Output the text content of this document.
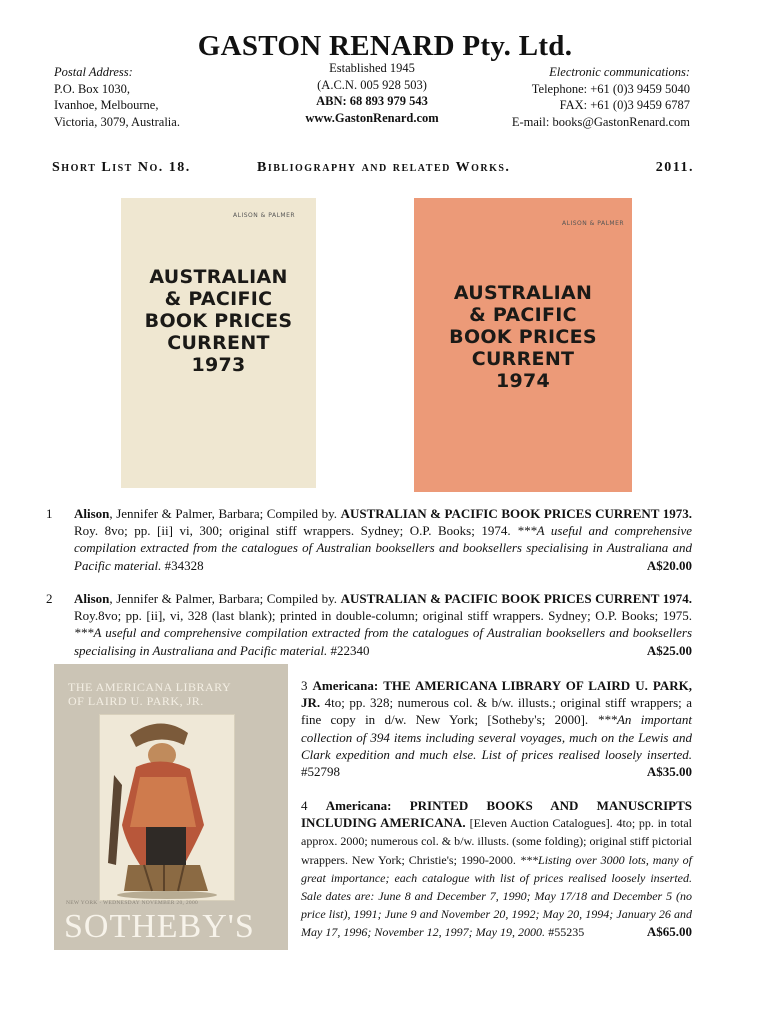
GASTON RENARD Pty. Ltd.
Postal Address:
P.O. Box 1030,
Ivanhoe, Melbourne,
Victoria, 3079, Australia.
Established 1945
(A.C.N. 005 928 503)
ABN: 68 893 979 543
www.GastonRenard.com
Electronic communications:
Telephone: +61 (0)3 9459 5040
FAX: +61 (0)3 9459 6787
E-mail: books@GastonRenard.com
Short List No. 18.	Bibliography and related Works.	2011.
ALISON & PALMER
AUSTRALIAN
& PACIFIC
BOOK PRICES
CURRENT
1973
ALISON & PALMER
AUSTRALIAN
& PACIFIC
BOOK PRICES
CURRENT
1974
1 Alison, Jennifer & Palmer, Barbara; Compiled by. AUSTRALIAN & PACIFIC BOOK PRICES CURRENT 1973. Roy. 8vo; pp. [ii] vi, 300; original stiff wrappers. Sydney; O.P. Books; 1974. ***A useful and comprehensive compilation extracted from the catalogues of Australian booksellers and booksellers specialising in Australiana and Pacific material. #34328	A$20.00
2 Alison, Jennifer & Palmer, Barbara; Compiled by. AUSTRALIAN & PACIFIC BOOK PRICES CURRENT 1974. Roy.8vo; pp. [ii], vi, 328 (last blank); printed in double-column; original stiff wrappers. Sydney; O.P. Books; 1975. ***A useful and comprehensive compilation extracted from the catalogues of Australian booksellers and booksellers specialising in Australiana and Pacific material. #22340	A$25.00
THE AMERICANA LIBRARY
OF LAIRD U. PARK, JR.
NEW YORK · WEDNESDAY NOVEMBER 20, 2000
SOTHEBY'S
3 Americana: THE AMERICANA LIBRARY OF LAIRD U. PARK, JR. 4to; pp. 328; numerous col. & b/w. illusts.; original stiff wrappers; a fine copy in d/w. New York; [Sotheby's; 2000]. ***An important collection of 394 items including several voyages, much on the Lewis and Clark expedition and much else. List of prices realised loosely inserted. #52798	A$35.00
4 Americana: PRINTED BOOKS AND MANUSCRIPTS INCLUDING AMERICANA. [Eleven Auction Catalogues]. 4to; pp. in total approx. 2000; numerous col. & b/w. illusts. (some folding); original stiff pictorial wrappers. New York; Christie's; 1990-2000. ***Listing over 3000 lots, many of great importance; each catalogue with list of prices realised loosely inserted. Sale dates are: June 8 and December 7, 1990; May 17/18 and December 5 (no price list), 1991; June 9 and November 20, 1992; May 20, 1994; January 26 and May 17, 1996; November 12, 1997; May 19, 2000. #55235	A$65.00
